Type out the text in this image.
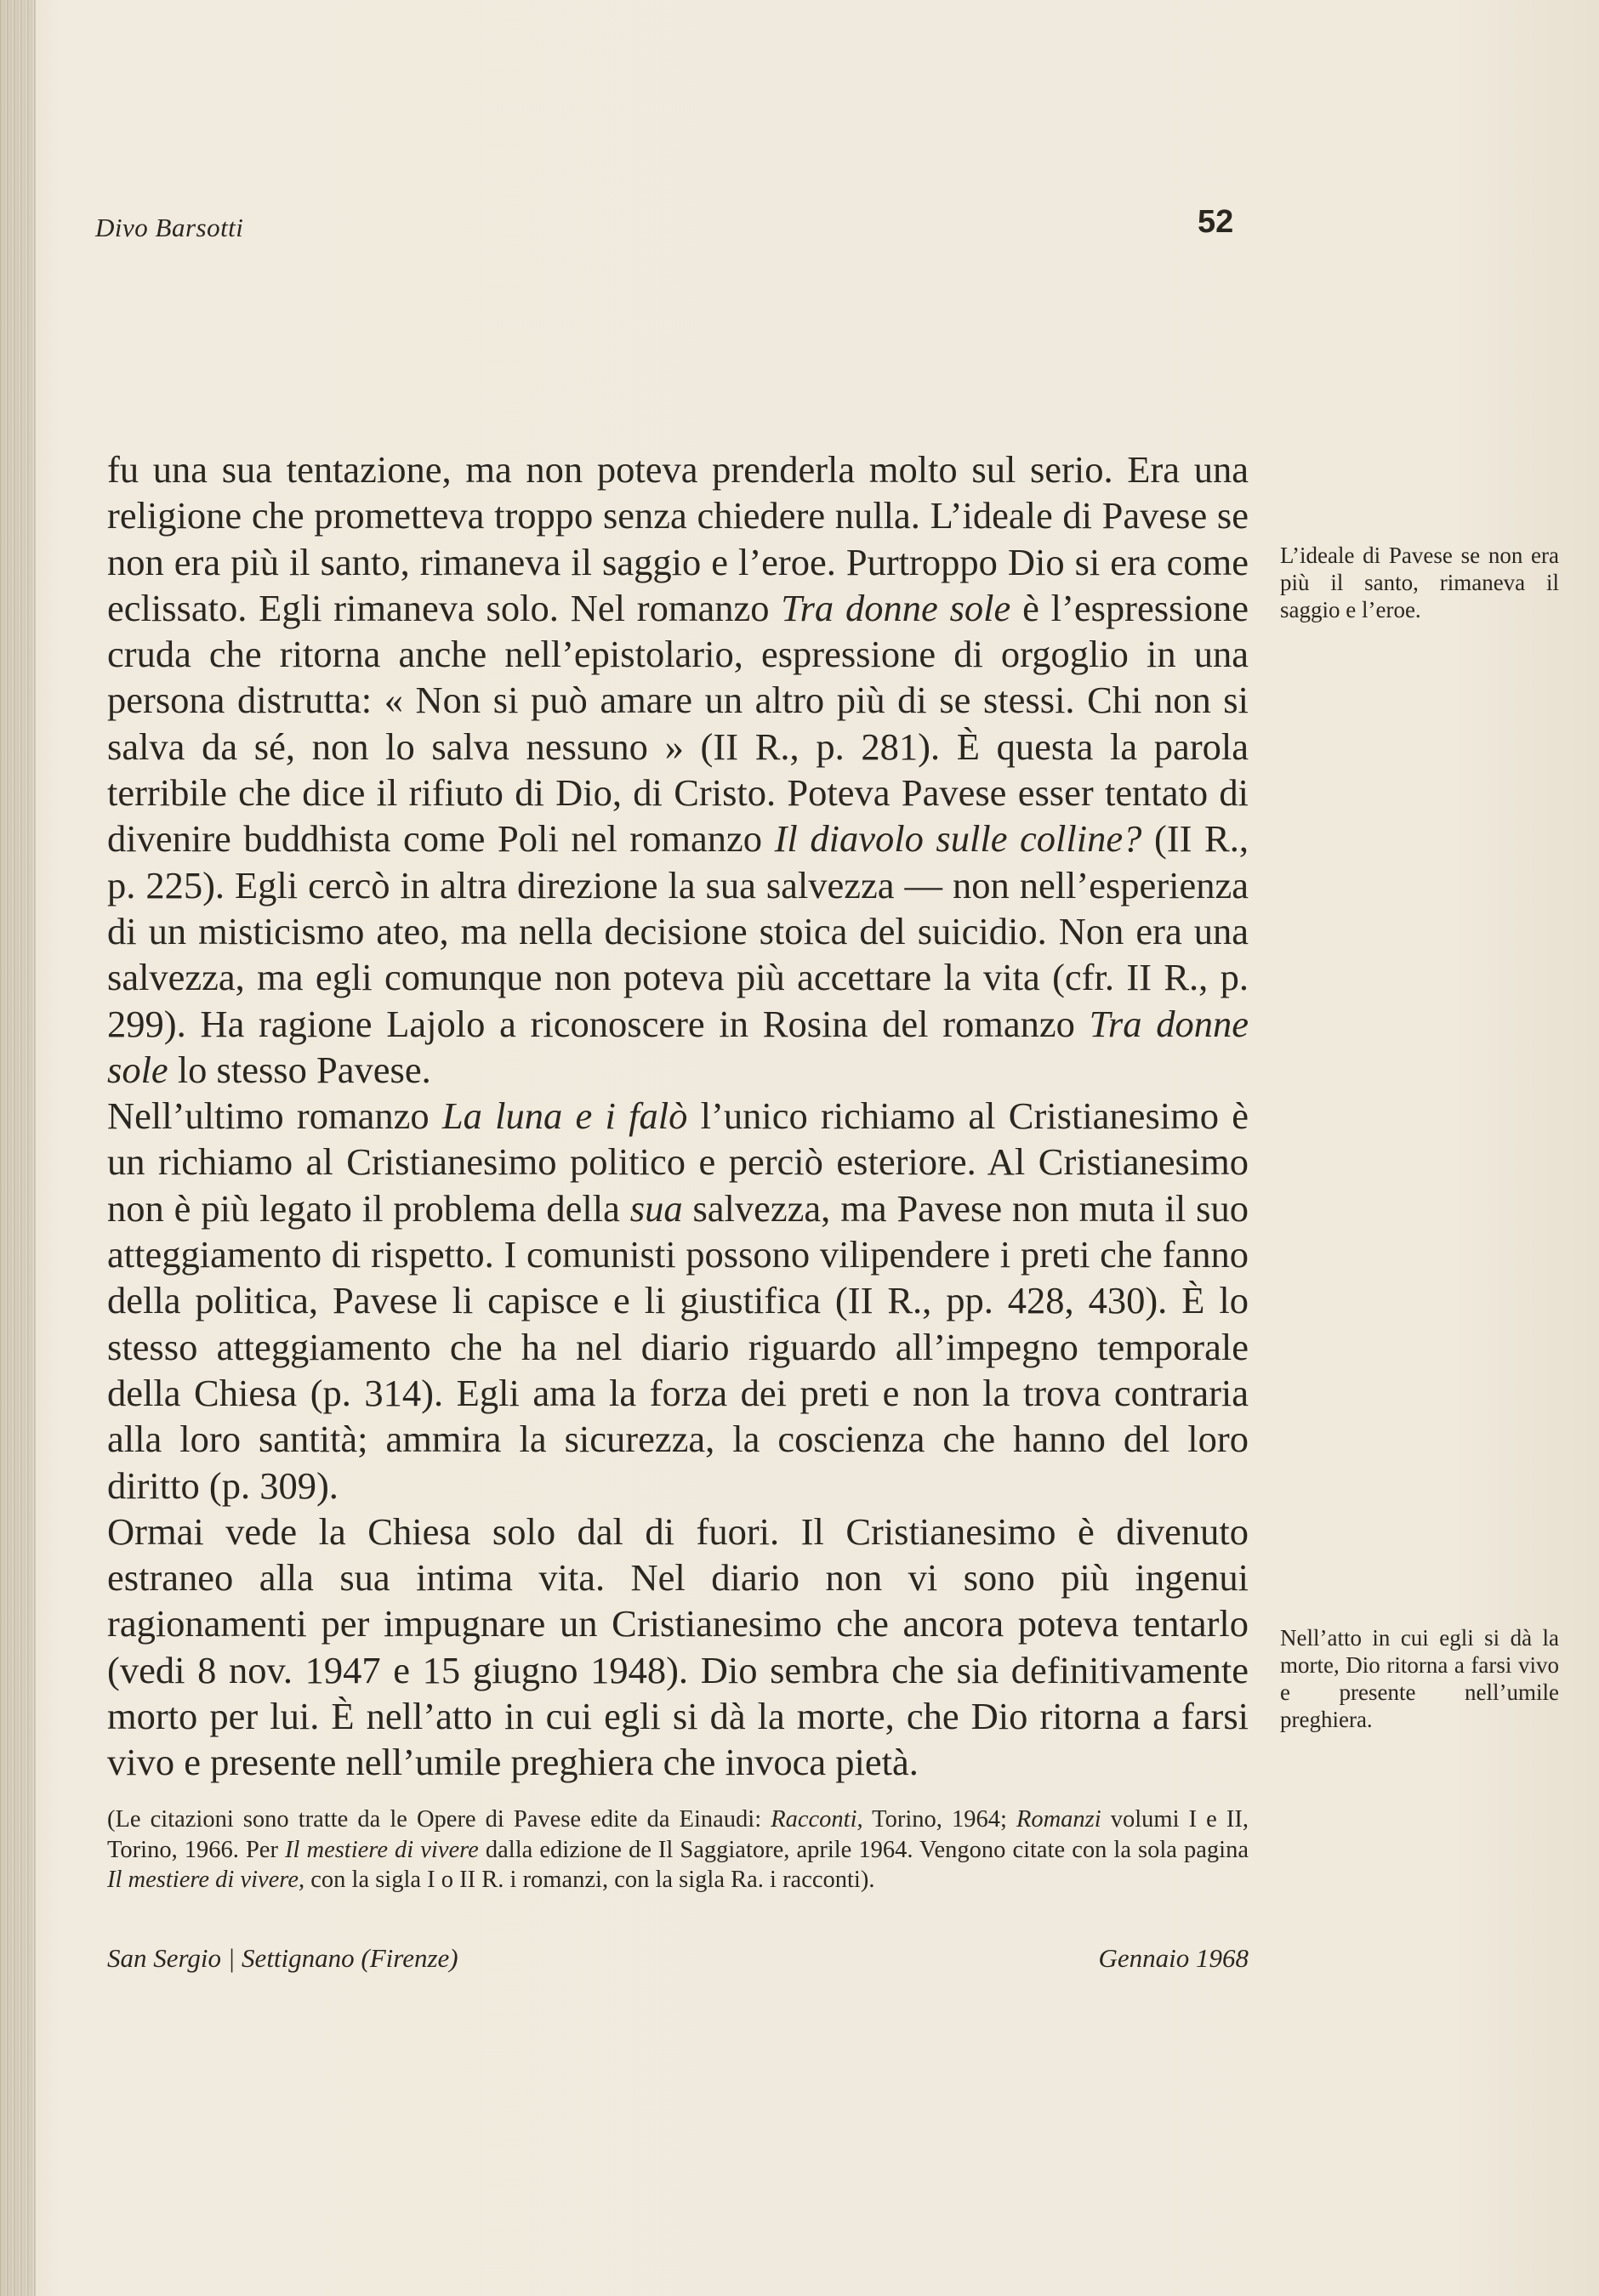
Divo Barsotti	52

fu una sua tentazione, ma non poteva prenderla molto sul serio. Era una religione che prometteva troppo senza chiedere nulla. L’ideale di Pavese se non era più il santo, rimaneva il saggio e l’eroe. Purtroppo Dio si era come eclissato. Egli rimaneva solo. Nel romanzo Tra donne sole è l’espressione cruda che ritorna anche nell’epistolario, espressione di orgoglio in una persona distrutta: « Non si può amare un altro più di se stessi. Chi non si salva da sé, non lo salva nessuno » (II R., p. 281). È questa la parola terribile che dice il rifiuto di Dio, di Cristo. Poteva Pavese esser tentato di divenire buddhista come Poli nel romanzo Il diavolo sulle colline? (II R., p. 225). Egli cercò in altra direzione la sua salvezza — non nell’esperienza di un misticismo ateo, ma nella decisione stoica del suicidio. Non era una salvezza, ma egli comunque non poteva più accettare la vita (cfr. II R., p. 299). Ha ragione Lajolo a riconoscere in Rosina del romanzo Tra donne sole lo stesso Pavese.

Nell’ultimo romanzo La luna e i falò l’unico richiamo al Cristianesimo è un richiamo al Cristianesimo politico e perciò esteriore. Al Cristianesimo non è più legato il problema della sua salvezza, ma Pavese non muta il suo atteggiamento di rispetto. I comunisti possono vilipendere i preti che fanno della politica, Pavese li capisce e li giustifica (II R., pp. 428, 430). È lo stesso atteggiamento che ha nel diario riguardo all’impegno temporale della Chiesa (p. 314). Egli ama la forza dei preti e non la trova contraria alla loro santità; ammira la sicurezza, la coscienza che hanno del loro diritto (p. 309).

Ormai vede la Chiesa solo dal di fuori. Il Cristianesimo è divenuto estraneo alla sua intima vita. Nel diario non vi sono più ingenui ragionamenti per impugnare un Cristianesimo che ancora poteva tentarlo (vedi 8 nov. 1947 e 15 giugno 1948). Dio sembra che sia definitivamente morto per lui. È nell’atto in cui egli si dà la morte, che Dio ritorna a farsi vivo e presente nell’umile preghiera che invoca pietà.

L’ideale di Pavese se non era più il santo, rimaneva il saggio e l’eroe.
Nell’atto in cui egli si dà la morte, Dio ritorna a farsi vivo e presente nell’umile preghiera.
(Le citazioni sono tratte da le Opere di Pavese edite da Einaudi: Racconti, Torino, 1964; Romanzi volumi I e II, Torino, 1966. Per Il mestiere di vivere dalla edizione de Il Saggiatore, aprile 1964. Vengono citate con la sola pagina Il mestiere di vivere, con la sigla I o II R. i romanzi, con la sigla Ra. i racconti).
San Sergio | Settignano (Firenze)	Gennaio 1968
